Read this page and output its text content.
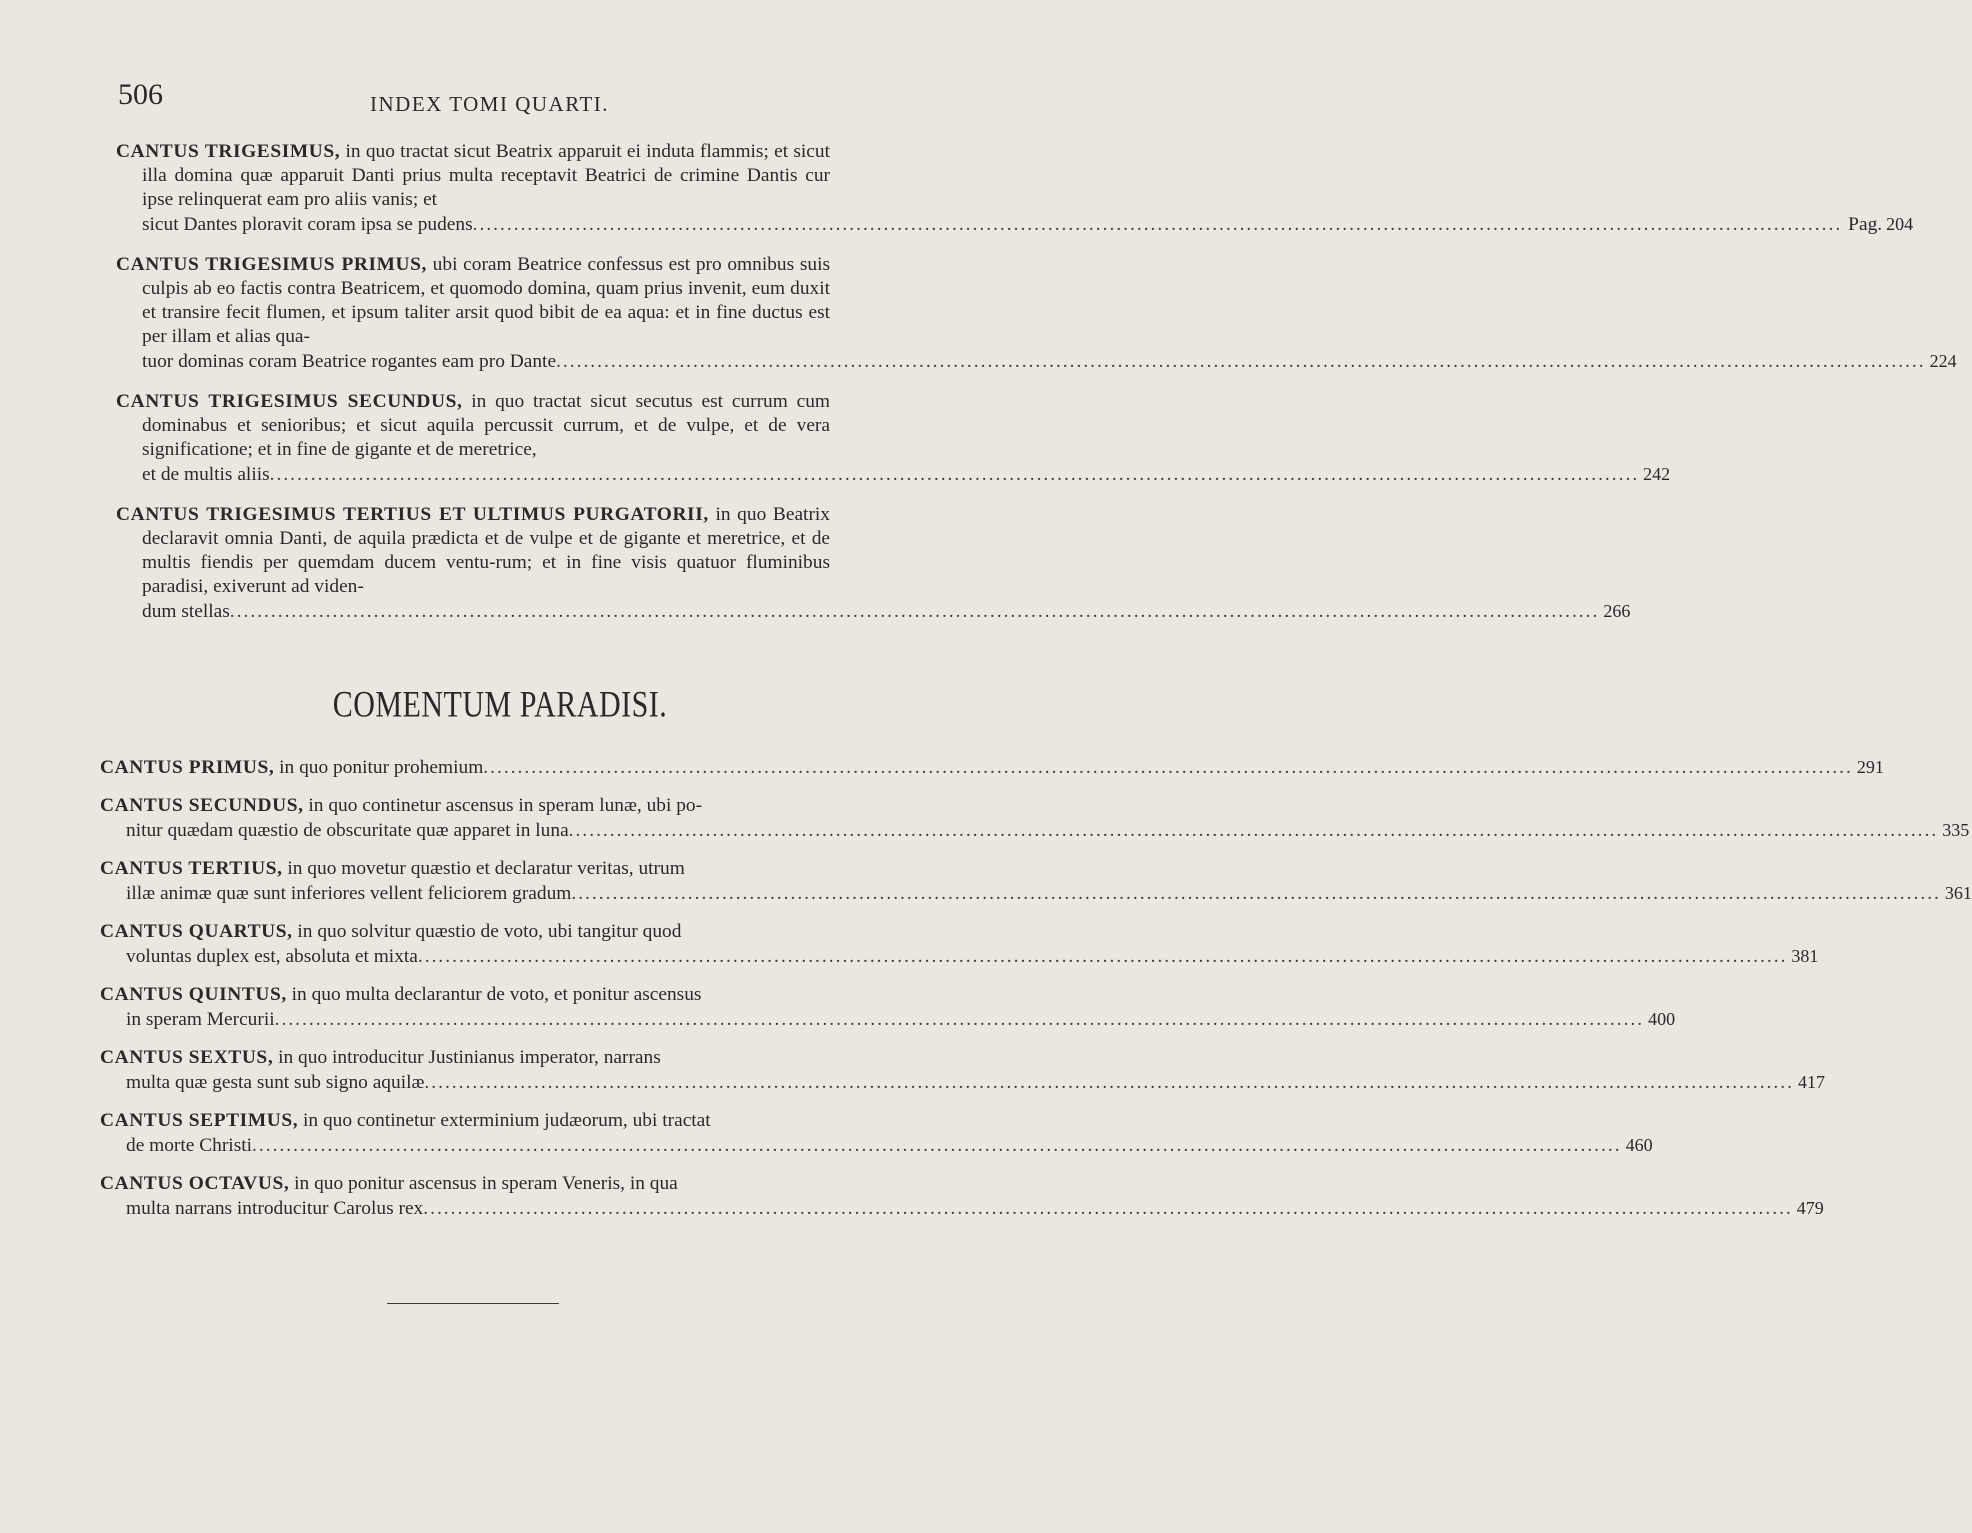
506	INDEX TOMI QUARTI.
CANTUS TRIGESIMUS, in quo tractat sicut Beatrix apparuit ei induta flammis; et sicut illa domina quæ apparuit Danti prius multa receptavit Beatrici de crimine Dantis cur ipse relinquerat eam pro aliis vanis; et
sicut Dantes ploravit coram ipsa se pudens ........................................................................................................................................................................................................ Pag. 204
CANTUS TRIGESIMUS PRIMUS, ubi coram Beatrice confessus est pro omnibus suis culpis ab eo factis contra Beatricem, et quomodo domina, quam prius invenit, eum duxit et transire fecit flumen, et ipsum taliter arsit quod bibit de ea aqua: et in fine ductus est per illam et alias qua-
tuor dominas coram Beatrice rogantes eam pro Dante ........................................................................................................................................................................................................ 224
CANTUS TRIGESIMUS SECUNDUS, in quo tractat sicut secutus est currum cum dominabus et senioribus; et sicut aquila percussit currum, et de vulpe, et de vera significatione; et in fine de gigante et de meretrice,
et de multis aliis ........................................................................................................................................................................................................ 242
CANTUS TRIGESIMUS TERTIUS ET ULTIMUS PURGATORII, in quo Beatrix declaravit omnia Danti, de aquila prædicta et de vulpe et de gigante et meretrice, et de multis fiendis per quemdam ducem ventu-rum; et in fine visis quatuor fluminibus paradisi, exiverunt ad viden-
dum stellas ........................................................................................................................................................................................................ 266
COMENTUM PARADISI.
CANTUS PRIMUS, in quo ponitur prohemium ........................................................................................................................................................................................................ 291
CANTUS SECUNDUS, in quo continetur ascensus in speram lunæ, ubi po-
nitur quædam quæstio de obscuritate quæ apparet in luna ........................................................................................................................................................................................................ 335
CANTUS TERTIUS, in quo movetur quæstio et declaratur veritas, utrum
illæ animæ quæ sunt inferiores vellent feliciorem gradum ........................................................................................................................................................................................................ 361
CANTUS QUARTUS, in quo solvitur quæstio de voto, ubi tangitur quod
voluntas duplex est, absoluta et mixta ........................................................................................................................................................................................................ 381
CANTUS QUINTUS, in quo multa declarantur de voto, et ponitur ascensus
in speram Mercurii ........................................................................................................................................................................................................ 400
CANTUS SEXTUS, in quo introducitur Justinianus imperator, narrans
multa quæ gesta sunt sub signo aquilæ ........................................................................................................................................................................................................ 417
CANTUS SEPTIMUS, in quo continetur exterminium judæorum, ubi tractat
de morte Christi ........................................................................................................................................................................................................ 460
CANTUS OCTAVUS, in quo ponitur ascensus in speram Veneris, in qua
multa narrans introducitur Carolus rex ........................................................................................................................................................................................................ 479
